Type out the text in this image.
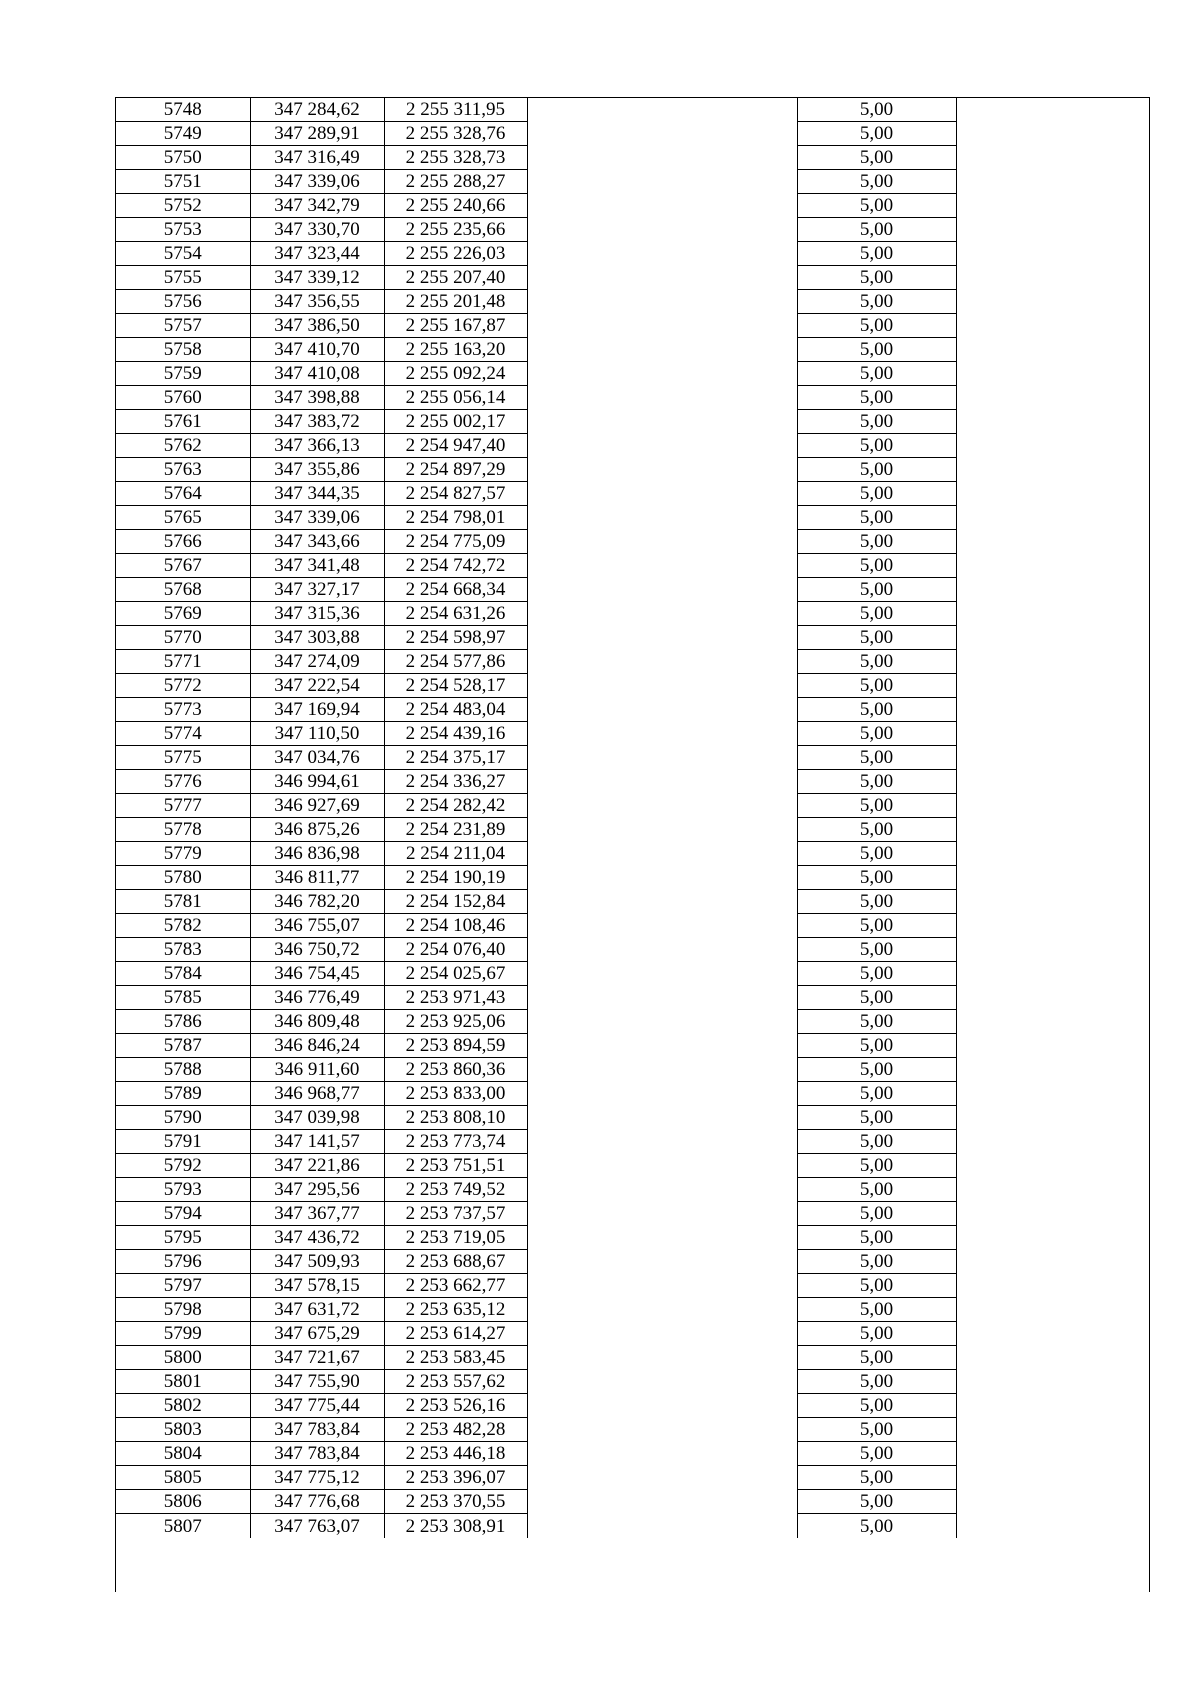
5748	347 284,62	2 255 311,95		5,00	
5749	347 289,91	2 255 328,76		5,00	
5750	347 316,49	2 255 328,73		5,00	
5751	347 339,06	2 255 288,27		5,00	
5752	347 342,79	2 255 240,66		5,00	
5753	347 330,70	2 255 235,66		5,00	
5754	347 323,44	2 255 226,03		5,00	
5755	347 339,12	2 255 207,40		5,00	
5756	347 356,55	2 255 201,48		5,00	
5757	347 386,50	2 255 167,87		5,00	
5758	347 410,70	2 255 163,20		5,00	
5759	347 410,08	2 255 092,24		5,00	
5760	347 398,88	2 255 056,14		5,00	
5761	347 383,72	2 255 002,17		5,00	
5762	347 366,13	2 254 947,40		5,00	
5763	347 355,86	2 254 897,29		5,00	
5764	347 344,35	2 254 827,57		5,00	
5765	347 339,06	2 254 798,01		5,00	
5766	347 343,66	2 254 775,09		5,00	
5767	347 341,48	2 254 742,72		5,00	
5768	347 327,17	2 254 668,34		5,00	
5769	347 315,36	2 254 631,26		5,00	
5770	347 303,88	2 254 598,97		5,00	
5771	347 274,09	2 254 577,86		5,00	
5772	347 222,54	2 254 528,17		5,00	
5773	347 169,94	2 254 483,04		5,00	
5774	347 110,50	2 254 439,16		5,00	
5775	347 034,76	2 254 375,17		5,00	
5776	346 994,61	2 254 336,27		5,00	
5777	346 927,69	2 254 282,42		5,00	
5778	346 875,26	2 254 231,89		5,00	
5779	346 836,98	2 254 211,04		5,00	
5780	346 811,77	2 254 190,19		5,00	
5781	346 782,20	2 254 152,84		5,00	
5782	346 755,07	2 254 108,46		5,00	
5783	346 750,72	2 254 076,40		5,00	
5784	346 754,45	2 254 025,67		5,00	
5785	346 776,49	2 253 971,43		5,00	
5786	346 809,48	2 253 925,06		5,00	
5787	346 846,24	2 253 894,59		5,00	
5788	346 911,60	2 253 860,36		5,00	
5789	346 968,77	2 253 833,00		5,00	
5790	347 039,98	2 253 808,10		5,00	
5791	347 141,57	2 253 773,74		5,00	
5792	347 221,86	2 253 751,51		5,00	
5793	347 295,56	2 253 749,52		5,00	
5794	347 367,77	2 253 737,57		5,00	
5795	347 436,72	2 253 719,05		5,00	
5796	347 509,93	2 253 688,67		5,00	
5797	347 578,15	2 253 662,77		5,00	
5798	347 631,72	2 253 635,12		5,00	
5799	347 675,29	2 253 614,27		5,00	
5800	347 721,67	2 253 583,45		5,00	
5801	347 755,90	2 253 557,62		5,00	
5802	347 775,44	2 253 526,16		5,00	
5803	347 783,84	2 253 482,28		5,00	
5804	347 783,84	2 253 446,18		5,00	
5805	347 775,12	2 253 396,07		5,00	
5806	347 776,68	2 253 370,55		5,00	
5807	347 763,07	2 253 308,91		5,00	
